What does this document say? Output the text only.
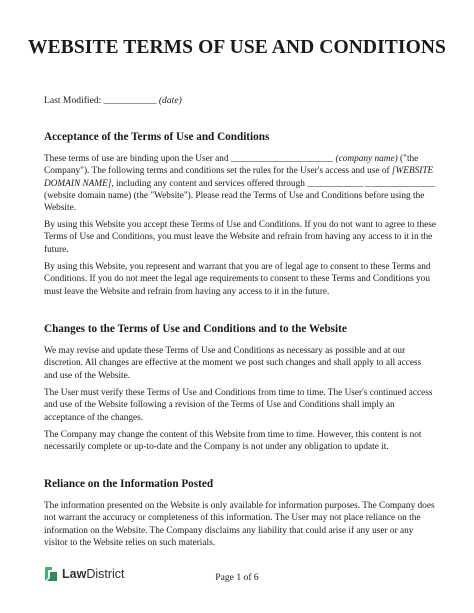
WEBSITE TERMS OF USE AND CONDITIONS
Last Modified: ___________ (date)
Acceptance of the Terms of Use and Conditions

These terms of use are binding upon the User and ______________________ (company name) ("the Company"). The following terms and conditions set the rules for the User's access and use of [WEBSITE DOMAIN NAME], including any content and services offered through ____________ _______________ (website domain name) (the "Website"). Please read the Terms of Use and Conditions before using the Website.

By using this Website you accept these Terms of Use and Conditions. If you do not want to agree to these Terms of Use and Conditions, you must leave the Website and refrain from having any access to it in the future.

By using this Website, you represent and warrant that you are of legal age to consent to these Terms and Conditions. If you do not meet the legal age requirements to consent to these Terms and Conditions you must leave the Website and refrain from having any access to it in the future.

Changes to the Terms of Use and Conditions and to the Website

We may revise and update these Terms of Use and Conditions as necessary as possible and at our discretion. All changes are effective at the moment we post such changes and shall apply to all access and use of the Website.

The User must verify these Terms of Use and Conditions from time to time. The User's continued access and use of the Website following a revision of the Terms of Use and Conditions shall imply an acceptance of the changes.

The Company may change the content of this Website from time to time. However, this content is not necessarily complete or up-to-date and the Company is not under any obligation to update it.

Reliance on the Information Posted

The information presented on the Website is only available for information purposes. The Company does not warrant the accuracy or completeness of this information. The User may not place reliance on the information on the Website. The Company disclaims any liability that could arise if any user or any visitor to the Website relies on such materials.

LawDistrict	Page 1 of 6
